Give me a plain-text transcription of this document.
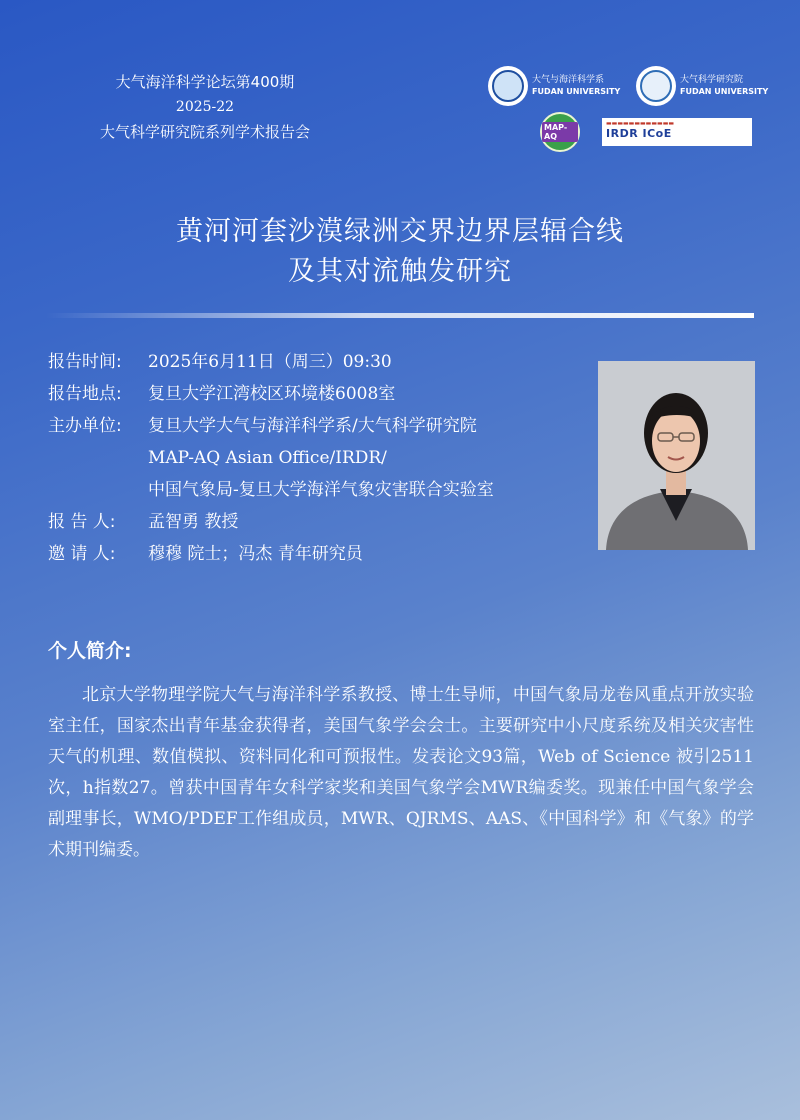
大气海洋科学论坛第400期
2025-22
大气科学研究院系列学术报告会
大气与海洋科学系
FUDAN UNIVERSITY
大气科学研究院
FUDAN UNIVERSITY
MAP-AQ
▬▬▬▬▬▬▬▬▬▬▬▬
IRDR ICoE
黄河河套沙漠绿洲交界边界层辐合线
及其对流触发研究
报告时间:	2025年6月11日（周三）09:30
报告地点:	复旦大学江湾校区环境楼6008室
主办单位:	复旦大学大气与海洋科学系/大气科学研究院
MAP-AQ Asian Office/IRDR/
中国气象局-复旦大学海洋气象灾害联合实验室
报 告 人:	孟智勇 教授
邀 请 人:	穆穆 院士；冯杰 青年研究员
个人简介:
北京大学物理学院大气与海洋科学系教授、博士生导师，中国气象局龙卷风重点开放实验室主任，国家杰出青年基金获得者，美国气象学会会士。主要研究中小尺度系统及相关灾害性天气的机理、数值模拟、资料同化和可预报性。发表论文93篇，Web of Science 被引2511次，h指数27。曾获中国青年女科学家奖和美国气象学会MWR编委奖。现兼任中国气象学会副理事长，WMO/PDEF工作组成员，MWR、QJRMS、AAS、《中国科学》和《气象》的学术期刊编委。
